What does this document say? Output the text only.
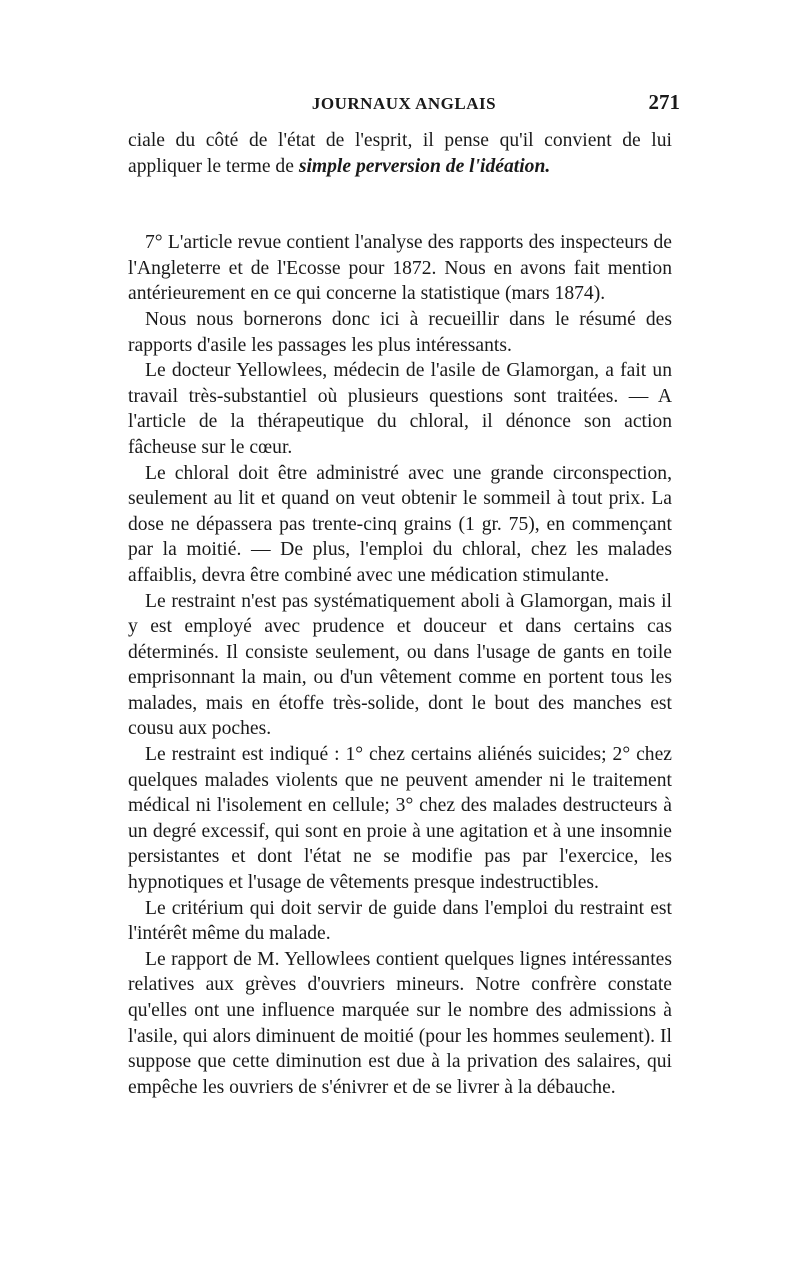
JOURNAUX ANGLAIS	271

ciale du côté de l'état de l'esprit, il pense qu'il convient de lui appliquer le terme de simple perversion de l'idéation.

7° L'article revue contient l'analyse des rapports des inspecteurs de l'Angleterre et de l'Ecosse pour 1872. Nous en avons fait mention antérieurement en ce qui concerne la statistique (mars 1874).

Nous nous bornerons donc ici à recueillir dans le résumé des rapports d'asile les passages les plus intéressants.

Le docteur Yellowlees, médecin de l'asile de Glamorgan, a fait un travail très-substantiel où plusieurs questions sont traitées. — A l'article de la thérapeutique du chloral, il dénonce son action fâcheuse sur le cœur.

Le chloral doit être administré avec une grande circonspection, seulement au lit et quand on veut obtenir le sommeil à tout prix. La dose ne dépassera pas trente-cinq grains (1 gr. 75), en commençant par la moitié. — De plus, l'emploi du chloral, chez les malades affaiblis, devra être combiné avec une médication stimulante.

Le restraint n'est pas systématiquement aboli à Glamorgan, mais il y est employé avec prudence et douceur et dans certains cas déterminés. Il consiste seulement, ou dans l'usage de gants en toile emprisonnant la main, ou d'un vêtement comme en portent tous les malades, mais en étoffe très-solide, dont le bout des manches est cousu aux poches.

Le restraint est indiqué : 1° chez certains aliénés suicides; 2° chez quelques malades violents que ne peuvent amender ni le traitement médical ni l'isolement en cellule; 3° chez des malades destructeurs à un degré excessif, qui sont en proie à une agitation et à une insomnie persistantes et dont l'état ne se modifie pas par l'exercice, les hypnotiques et l'usage de vêtements presque indestructibles.

Le critérium qui doit servir de guide dans l'emploi du restraint est l'intérêt même du malade.

Le rapport de M. Yellowlees contient quelques lignes intéressantes relatives aux grèves d'ouvriers mineurs. Notre confrère constate qu'elles ont une influence marquée sur le nombre des admissions à l'asile, qui alors diminuent de moitié (pour les hommes seulement). Il suppose que cette diminution est due à la privation des salaires, qui empêche les ouvriers de s'énivrer et de se livrer à la débauche.
